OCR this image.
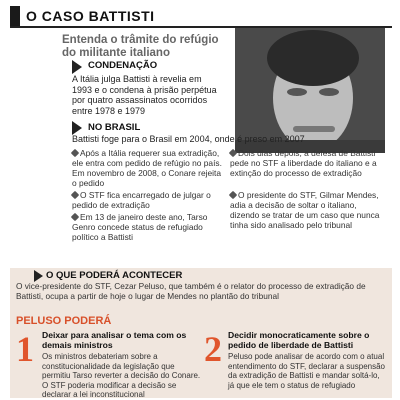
O CASO BATTISTI
Entenda o trâmite do refúgio do militante italiano
CONDENAÇÃO
A Itália julga Battisti à revelia em 1993 e o condena à prisão perpétua por quatro assassinatos ocorridos entre 1978 e 1979
NO BRASIL
Battisti foge para o Brasil em 2004, onde é preso em 2007
Após a Itália requerer sua extradição, ele entra com pedido de refúgio no país. Em novembro de 2008, o Conare rejeita o pedido
O STF fica encarregado de julgar o pedido de extradição
Em 13 de janeiro deste ano, Tarso Genro concede status de refugiado político a Battisti
Dois dias depois, a defesa de Battisti pede no STF a liberdade do italiano e a extinção do processo de extradição
O presidente do STF, Gilmar Mendes, adia a decisão de soltar o italiano, dizendo se tratar de um caso que nunca tinha sido analisado pelo tribunal
O QUE PODERÁ ACONTECER
O vice-presidente do STF, Cezar Peluso, que também é o relator do processo de extradição de Battisti, ocupa a partir de hoje o lugar de Mendes no plantão do tribunal
PELUSO PODERÁ
1 Deixar para analisar o tema com os demais ministros
Os ministros debateriam sobre a constitucionalidade da legislação que permitiu Tarso reverter a decisão do Conare. O STF poderia modificar a decisão se declarar a lei inconstitucional
2 Decidir monocraticamente sobre o pedido de liberdade de Battisti
Peluso pode analisar de acordo com o atual entendimento do STF, declarar a suspensão da extradição de Battisti e mandar soltá-lo, já que ele tem o status de refugiado
